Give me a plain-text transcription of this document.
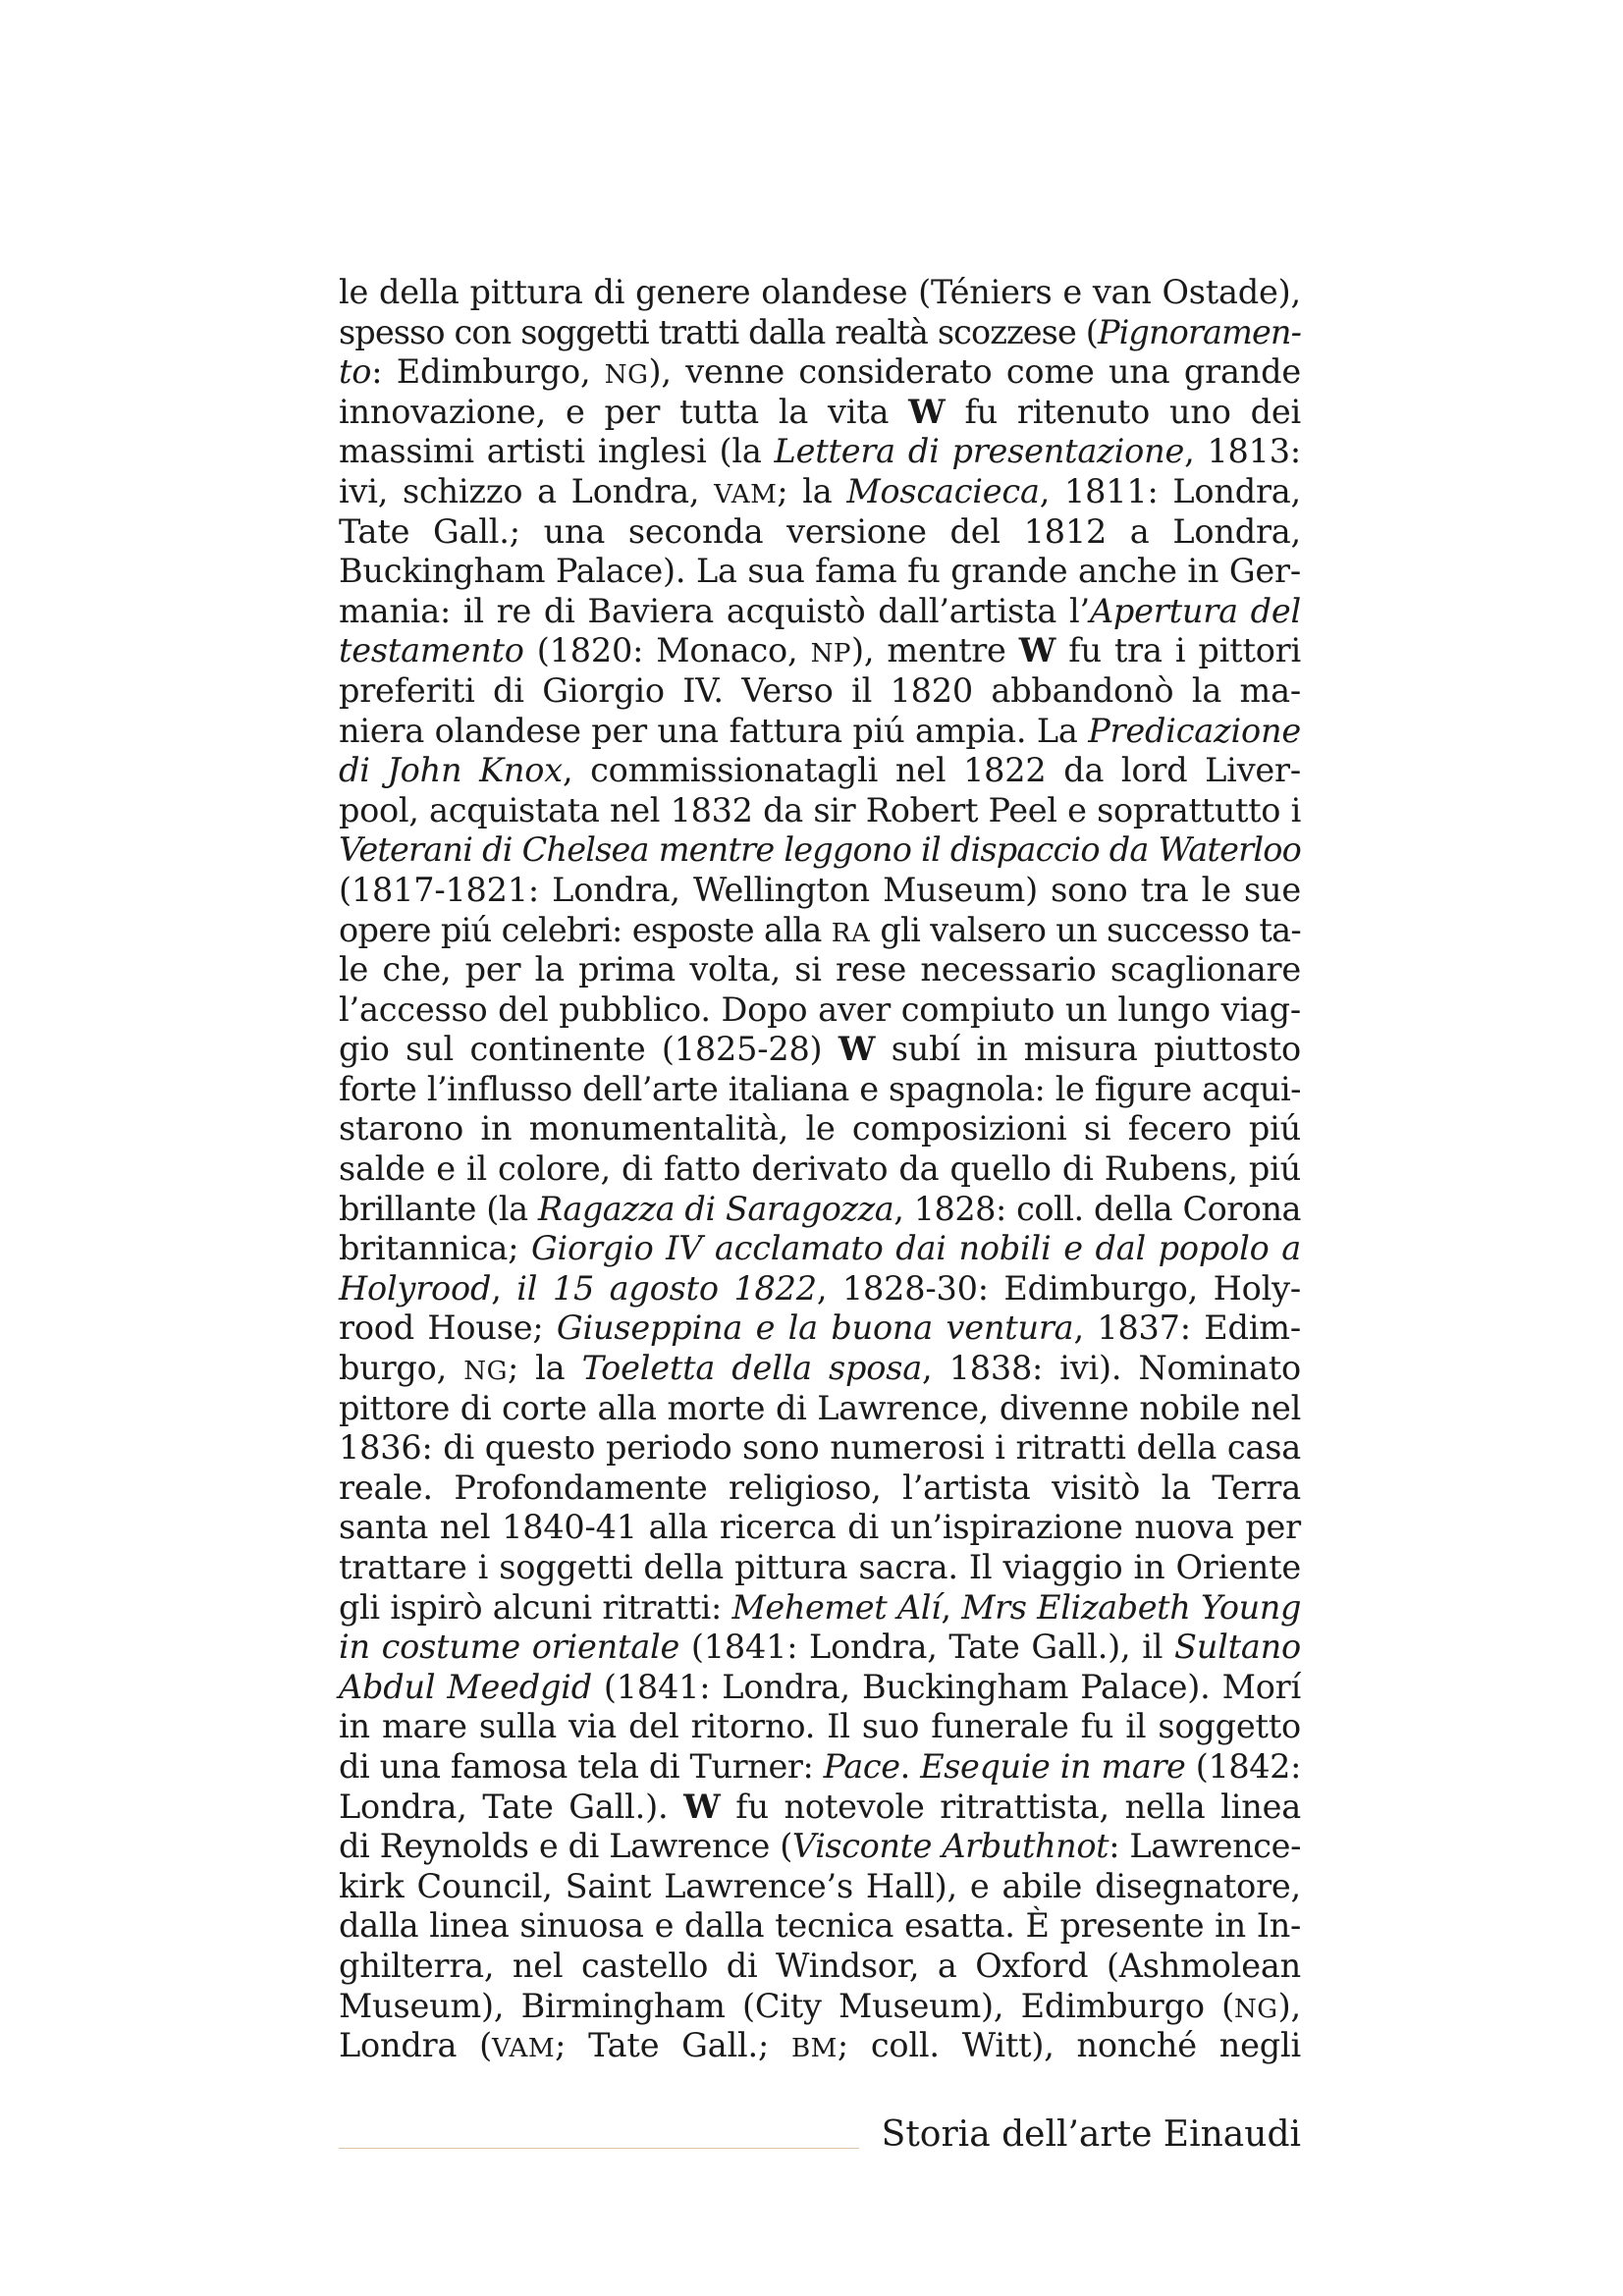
le della pittura di genere olandese (Téniers e van Ostade),
spesso con soggetti tratti dalla realtà scozzese (Pignoramen-
to: Edimburgo, NG), venne considerato come una grande
innovazione, e per tutta la vita W fu ritenuto uno dei
massimi artisti inglesi (la Lettera di presentazione, 1813:
ivi, schizzo a Londra, VAM; la Moscacieca, 1811: Londra,
Tate Gall.; una seconda versione del 1812 a Londra,
Buckingham Palace). La sua fama fu grande anche in Ger-
mania: il re di Baviera acquistò dall’artista l’Apertura del
testamento (1820: Monaco, NP), mentre W fu tra i pittori
preferiti di Giorgio IV. Verso il 1820 abbandonò la ma-
niera olandese per una fattura piú ampia. La Predicazione
di John Knox, commissionatagli nel 1822 da lord Liver-
pool, acquistata nel 1832 da sir Robert Peel e soprattutto i
Veterani di Chelsea mentre leggono il dispaccio da Waterloo
(1817-1821: Londra, Wellington Museum) sono tra le sue
opere piú celebri: esposte alla RA gli valsero un successo ta-
le che, per la prima volta, si rese necessario scaglionare
l’accesso del pubblico. Dopo aver compiuto un lungo viag-
gio sul continente (1825-28) W subí in misura piuttosto
forte l’influsso dell’arte italiana e spagnola: le figure acqui-
starono in monumentalità, le composizioni si fecero piú
salde e il colore, di fatto derivato da quello di Rubens, piú
brillante (la Ragazza di Saragozza, 1828: coll. della Corona
britannica; Giorgio IV acclamato dai nobili e dal popolo a
Holyrood, il 15 agosto 1822, 1828-30: Edimburgo, Holy-
rood House; Giuseppina e la buona ventura, 1837: Edim-
burgo, NG; la Toeletta della sposa, 1838: ivi). Nominato
pittore di corte alla morte di Lawrence, divenne nobile nel
1836: di questo periodo sono numerosi i ritratti della casa
reale. Profondamente religioso, l’artista visitò la Terra
santa nel 1840-41 alla ricerca di un’ispirazione nuova per
trattare i soggetti della pittura sacra. Il viaggio in Oriente
gli ispirò alcuni ritratti: Mehemet Alí, Mrs Elizabeth Young
in costume orientale (1841: Londra, Tate Gall.), il Sultano
Abdul Meedgid (1841: Londra, Buckingham Palace). Morí
in mare sulla via del ritorno. Il suo funerale fu il soggetto
di una famosa tela di Turner: Pace. Esequie in mare (1842:
Londra, Tate Gall.). W fu notevole ritrattista, nella linea
di Reynolds e di Lawrence (Visconte Arbuthnot: Lawrence-
kirk Council, Saint Lawrence’s Hall), e abile disegnatore,
dalla linea sinuosa e dalla tecnica esatta. È presente in In-
ghilterra, nel castello di Windsor, a Oxford (Ashmolean
Museum), Birmingham (City Museum), Edimburgo (NG),
Londra (VAM; Tate Gall.; BM; coll. Witt), nonché negli
Storia dell’arte Einaudi
